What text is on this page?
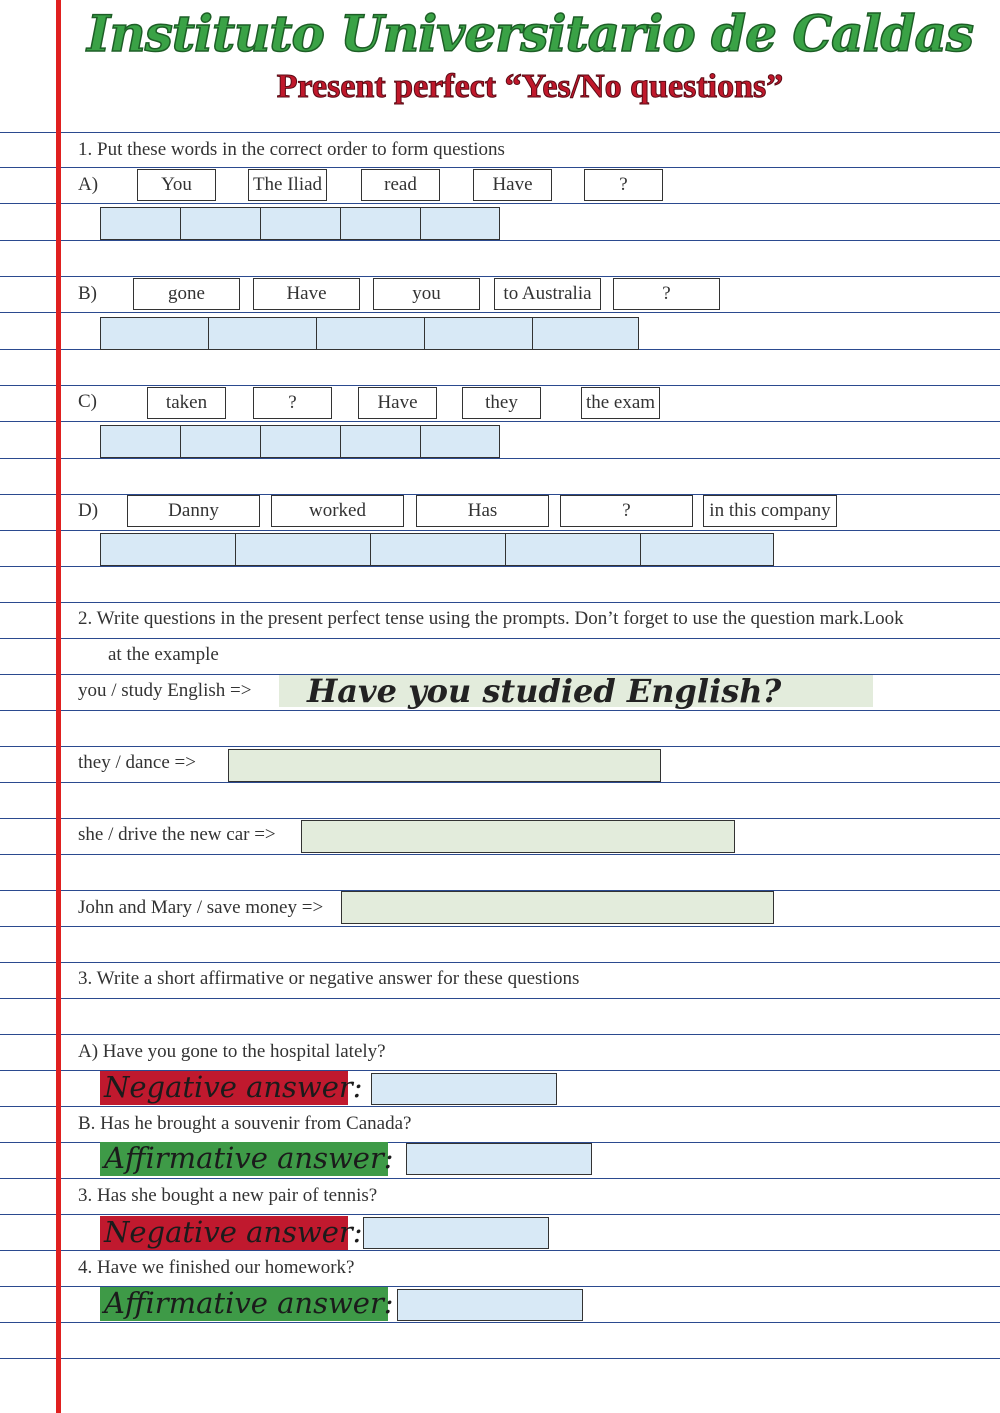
Instituto Universitario de Caldas
Present perfect “Yes/No questions”
1. Put these words in the correct order to form questions
A)	You	The Iliad	read	Have	?
B)	gone	Have	you	to Australia	?
C)	taken	?	Have	they	the exam
D)	Danny	worked	Has	?	in this company
2. Write questions in the present perfect tense using the prompts. Don’t forget to use the question mark.Look
at the example
you / study English =>	Have you studied English?
they / dance =>
she / drive the new car =>
John and Mary / save money =>
3. Write a short affirmative or negative answer for these questions
A) Have you gone to the hospital lately?
Negative answer:
B. Has he brought a souvenir from Canada?
Affirmative answer:
3. Has she bought a new pair of tennis?
Negative answer:
4. Have we finished our homework?
Affirmative answer:
